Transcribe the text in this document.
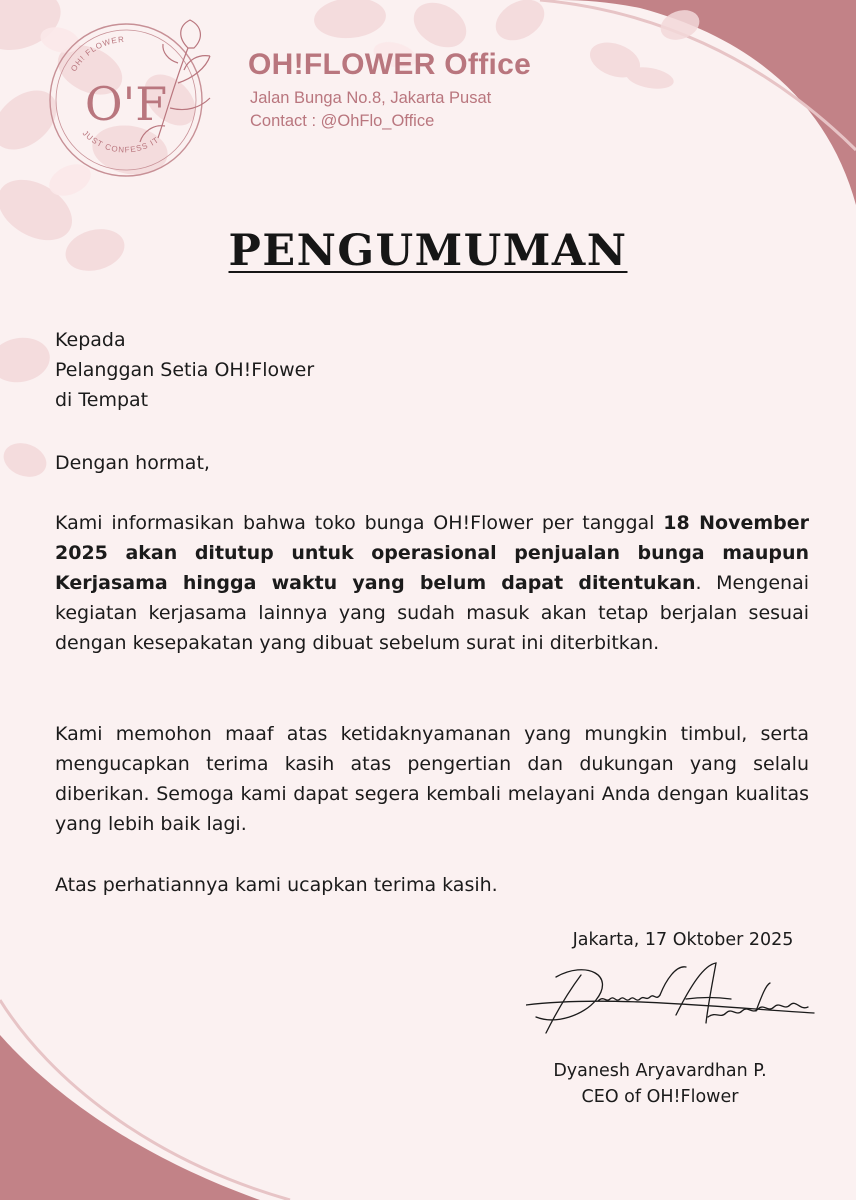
OH! FLOWER
JUST CONFESS IT
O'F
OH!FLOWER Office
Jalan Bunga No.8, Jakarta Pusat
Contact : @OhFlo_Office
PENGUMUMAN
Kepada
Pelanggan Setia OH!Flower
di Tempat
Dengan hormat,
Kami informasikan bahwa toko bunga OH!Flower per tanggal 18 November 2025 akan ditutup untuk operasional penjualan bunga maupun Kerjasama hingga waktu yang belum dapat ditentukan. Mengenai kegiatan kerjasama lainnya yang sudah masuk akan tetap berjalan sesuai dengan kesepakatan yang dibuat sebelum surat ini diterbitkan.
Kami memohon maaf atas ketidaknyamanan yang mungkin timbul, serta mengucapkan terima kasih atas pengertian dan dukungan yang selalu diberikan. Semoga kami dapat segera kembali melayani Anda dengan kualitas yang lebih baik lagi.
Atas perhatiannya kami ucapkan terima kasih.
Jakarta, 17 Oktober 2025
Dyanesh Aryavardhan P.
CEO of OH!Flower
